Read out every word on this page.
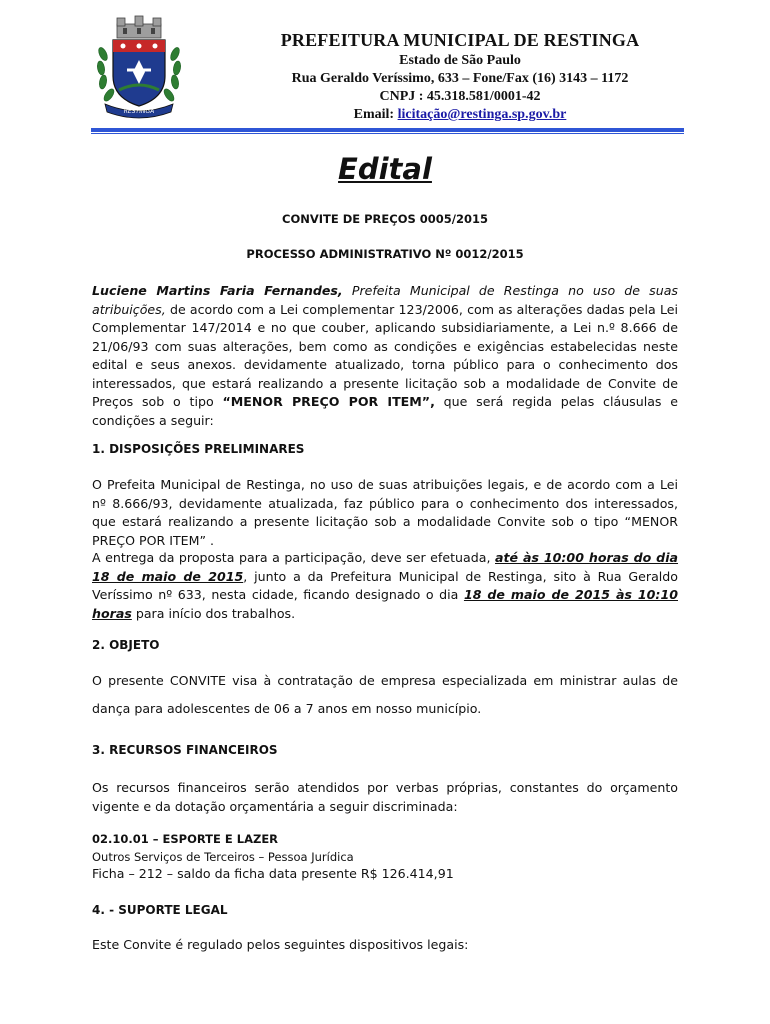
RESTINGA
PREFEITURA MUNICIPAL DE RESTINGA
Estado de São Paulo
Rua Geraldo Veríssimo, 633 – Fone/Fax (16) 3143 – 1172
CNPJ : 45.318.581/0001-42
Email: licitação@restinga.sp.gov.br
Edital
CONVITE DE PREÇOS 0005/2015
PROCESSO ADMINISTRATIVO Nº 0012/2015
Luciene Martins Faria Fernandes, Prefeita Municipal de Restinga no uso de suas atribuições, de acordo com a Lei complementar 123/2006, com as alterações dadas pela Lei Complementar 147/2014 e no que couber, aplicando subsidiariamente, a Lei n.º 8.666 de 21/06/93 com suas alterações, bem como as condições e exigências estabelecidas neste edital e seus anexos. devidamente atualizado, torna público para o conhecimento dos interessados, que estará realizando a presente licitação sob a modalidade de Convite de Preços sob o tipo “MENOR PREÇO POR ITEM”, que será regida pelas cláusulas e condições a seguir:
1. DISPOSIÇÕES PRELIMINARES
O Prefeita Municipal de Restinga, no uso de suas atribuições legais, e de acordo com a Lei nº 8.666/93, devidamente atualizada, faz público para o conhecimento dos interessados, que estará realizando a presente licitação sob a modalidade Convite sob o tipo “MENOR PREÇO POR ITEM” .
A entrega da proposta para a participação, deve ser efetuada, até às 10:00 horas do dia 18 de maio de 2015, junto a da Prefeitura Municipal de Restinga, sito à Rua Geraldo Veríssimo nº 633, nesta cidade, ficando designado o dia 18 de maio de 2015 às 10:10 horas para início dos trabalhos.
2. OBJETO
O presente CONVITE visa à contratação de empresa especializada em ministrar aulas de dança para adolescentes de 06 a 7 anos em nosso município.
3. RECURSOS FINANCEIROS
Os recursos financeiros serão atendidos por verbas próprias, constantes do orçamento vigente e da dotação orçamentária a seguir discriminada:
02.10.01 – ESPORTE E LAZER
Outros Serviços de Terceiros – Pessoa Jurídica
Ficha – 212 – saldo da ficha data presente R$ 126.414,91
4. - SUPORTE LEGAL
Este Convite é regulado pelos seguintes dispositivos legais:
